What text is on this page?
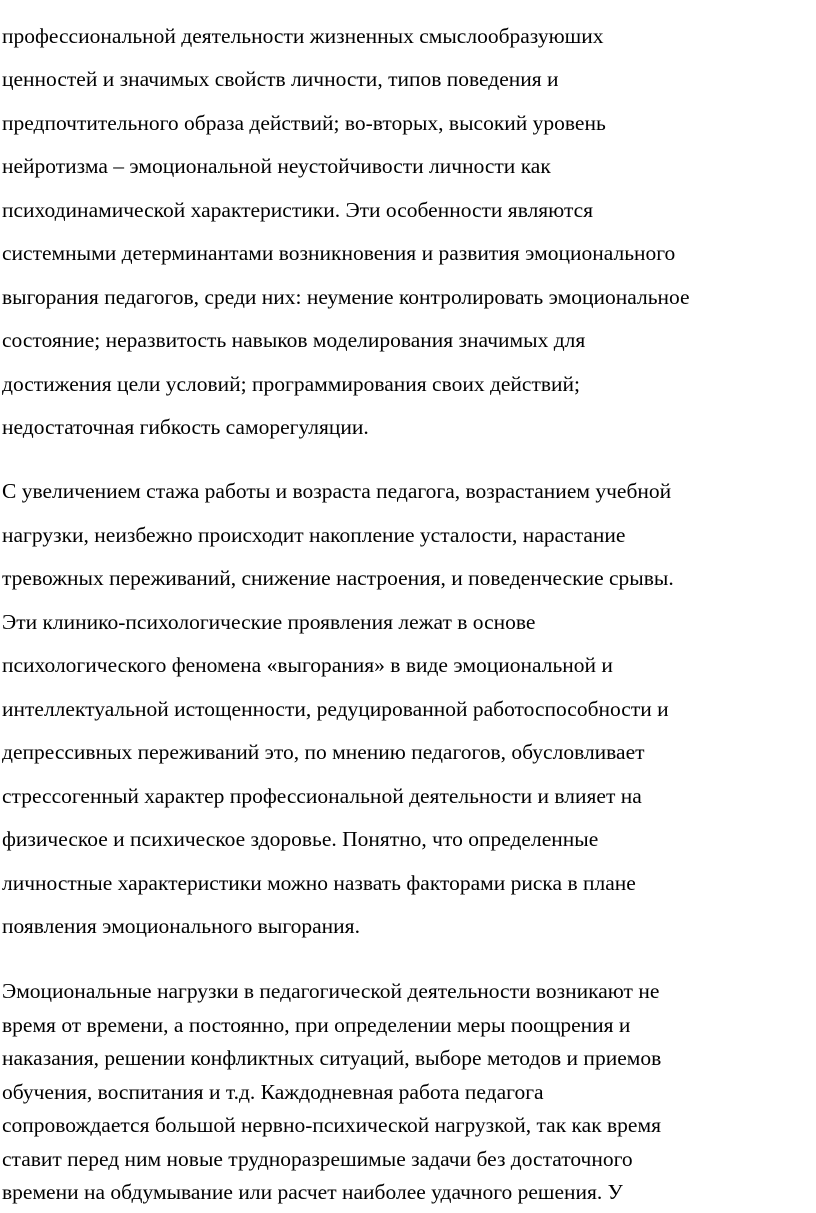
профессиональной деятельности жизненных смыслообразуюших
ценностей и значимых свойств личности, типов поведения и
предпочтительного образа действий; во-вторых, высокий уровень
нейротизма – эмоциональной неустойчивости личности как
психодинамической характеристики. Эти особенности являются
системными детерминантами возникновения и развития эмоционального
выгорания педагогов, среди них: неумение контролировать эмоциональное
состояние; неразвитость навыков моделирования значимых для
достижения цели условий; программирования своих действий;
недостаточная гибкость саморегуляции.
С увеличением стажа работы и возраста педагога, возрастанием учебной
нагрузки, неизбежно происходит накопление усталости, нарастание
тревожных переживаний, снижение настроения, и поведенческие срывы.
Эти клинико-психологические проявления лежат в основе
психологического феномена «выгорания» в виде эмоциональной и
интеллектуальной истощенности, редуцированной работоспособности и
депрессивных переживаний это, по мнению педагогов, обусловливает
стрессогенный характер профессиональной деятельности и влияет на
физическое и психическое здоровье. Понятно, что определенные
личностные характеристики можно назвать факторами риска в плане
появления эмоционального выгорания.
Эмоциональные нагрузки в педагогической деятельности возникают не
время от времени, а постоянно, при определении меры поощрения и
наказания, решении конфликтных ситуаций, выборе методов и приемов
обучения, воспитания и т.д. Каждодневная работа педагога
сопровождается большой нервно-психической нагрузкой, так как время
ставит перед ним новые трудноразрешимые задачи без достаточного
времени на обдумывание или расчет наиболее удачного решения. У
